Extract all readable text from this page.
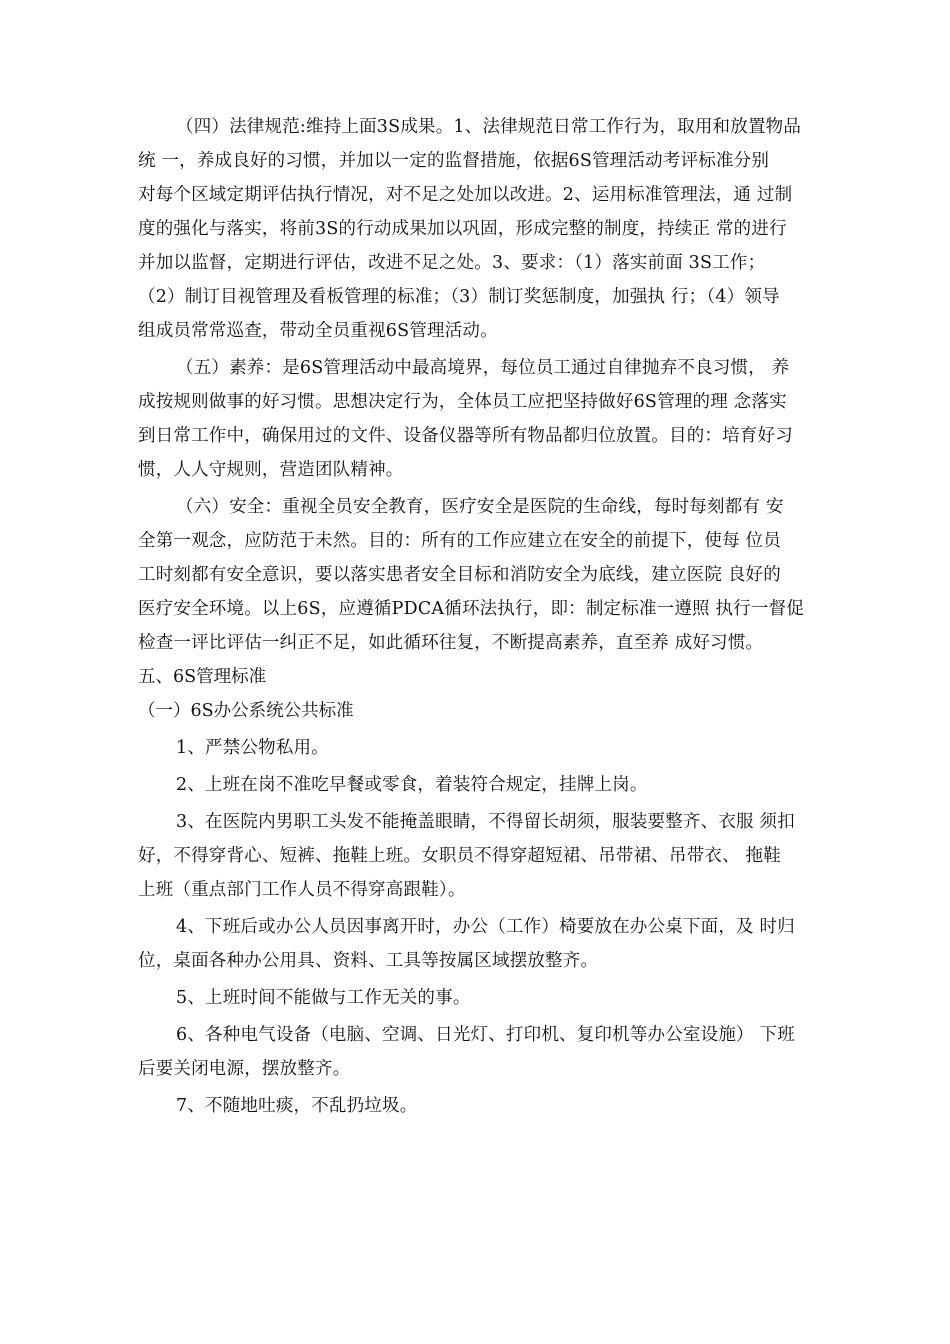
（四）法律规范:维持上面3S成果。1、法律规范日常工作行为，取用和放置物品
统 一，养成良好的习惯，并加以一定的监督措施，依据6S管理活动考评标准分别
对每个区域定期评估执行情况，对不足之处加以改进。2、运用标准管理法，通 过制
度的强化与落实，将前3S的行动成果加以巩固，形成完整的制度，持续正 常的进行
并加以监督，定期进行评估，改进不足之处。3、要求：（1）落实前面 3S工作；
（2）制订目视管理及看板管理的标准；（3）制订奖惩制度，加强执 行；（4）领导
组成员常常巡查，带动全员重视6S管理活动。
（五）素养：是6S管理活动中最高境界，每位员工通过自律抛弃不良习惯， 养
成按规则做事的好习惯。思想决定行为，全体员工应把坚持做好6S管理的理 念落实
到日常工作中，确保用过的文件、设备仪器等所有物品都归位放置。目的：培育好习
惯，人人守规则，营造团队精神。
（六）安全：重视全员安全教育，医疗安全是医院的生命线，每时每刻都有 安
全第一观念，应防范于未然。目的：所有的工作应建立在安全的前提下，使每 位员
工时刻都有安全意识，要以落实患者安全目标和消防安全为底线，建立医院 良好的
医疗安全环境。以上6S，应遵循PDCA循环法执行，即：制定标准一遵照 执行一督促
检查一评比评估一纠正不足，如此循环往复，不断提高素养，直至养 成好习惯。
五、6S管理标准
（一）6S办公系统公共标准
1、严禁公物私用。
2、上班在岗不准吃早餐或零食，着装符合规定，挂牌上岗。
3、在医院内男职工头发不能掩盖眼睛，不得留长胡须，服装要整齐、衣服 须扣
好，不得穿背心、短裤、拖鞋上班。女职员不得穿超短裙、吊带裙、吊带衣、 拖鞋
上班（重点部门工作人员不得穿高跟鞋）。
4、下班后或办公人员因事离开时，办公（工作）椅要放在办公桌下面，及 时归
位，桌面各种办公用具、资料、工具等按属区域摆放整齐。
5、上班时间不能做与工作无关的事。
6、各种电气设备（电脑、空调、日光灯、打印机、复印机等办公室设施） 下班
后要关闭电源，摆放整齐。
7、不随地吐痰，不乱扔垃圾。
